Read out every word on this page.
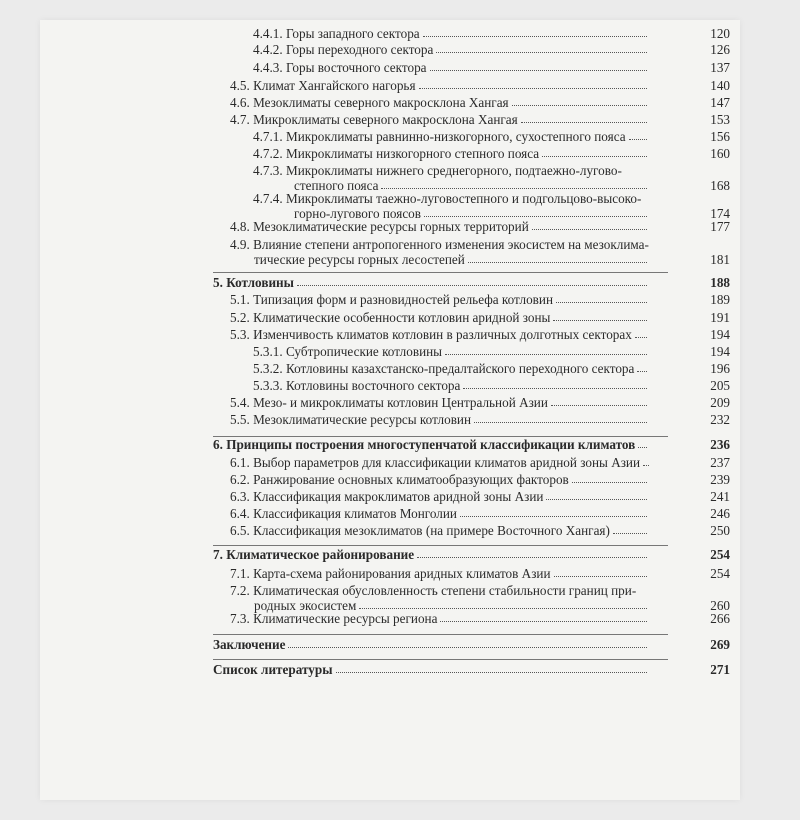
4.4.1. Горы западного сектора	120
4.4.2. Горы переходного сектора	126
4.4.3. Горы восточного сектора	137
4.5. Климат Хангайского нагорья	140
4.6. Мезоклиматы северного макросклона Хангая	147
4.7. Микроклиматы северного макросклона Хангая	153
4.7.1. Микроклиматы равнинно-низкогорного, сухостепного пояса	156
4.7.2. Микроклиматы низкогорного степного пояса	160
4.7.3. Микроклиматы нижнего среднегорного, подтаежно-лугово-
степного пояса	168
4.7.4. Микроклиматы таежно-луговостепного и подгольцово-высоко-
горно-лугового поясов	174
4.8. Мезоклиматические ресурсы горных территорий	177
4.9. Влияние степени антропогенного изменения экосистем на мезоклима-
тические ресурсы горных лесостепей	181
5. Котловины	188
5.1. Типизация форм и разновидностей рельефа котловин	189
5.2. Климатические особенности котловин аридной зоны	191
5.3. Изменчивость климатов котловин в различных долготных секторах	194
5.3.1. Субтропические котловины	194
5.3.2. Котловины казахстанско-предалтайского переходного сектора	196
5.3.3. Котловины восточного сектора	205
5.4. Мезо- и микроклиматы котловин Центральной Азии	209
5.5. Мезоклиматические ресурсы котловин	232
6. Принципы построения многоступенчатой классификации климатов	236
6.1. Выбор параметров для классификации климатов аридной зоны Азии	237
6.2. Ранжирование основных климатообразующих факторов	239
6.3. Классификация макроклиматов аридной зоны Азии	241
6.4. Классификация климатов Монголии	246
6.5. Классификация мезоклиматов (на примере Восточного Хангая)	250
7. Климатическое районирование	254
7.1. Карта-схема районирования аридных климатов Азии	254
7.2. Климатическая обусловленность степени стабильности границ при-
родных экосистем	260
7.3. Климатические ресурсы региона	266
Заключение	269
Список литературы	271
